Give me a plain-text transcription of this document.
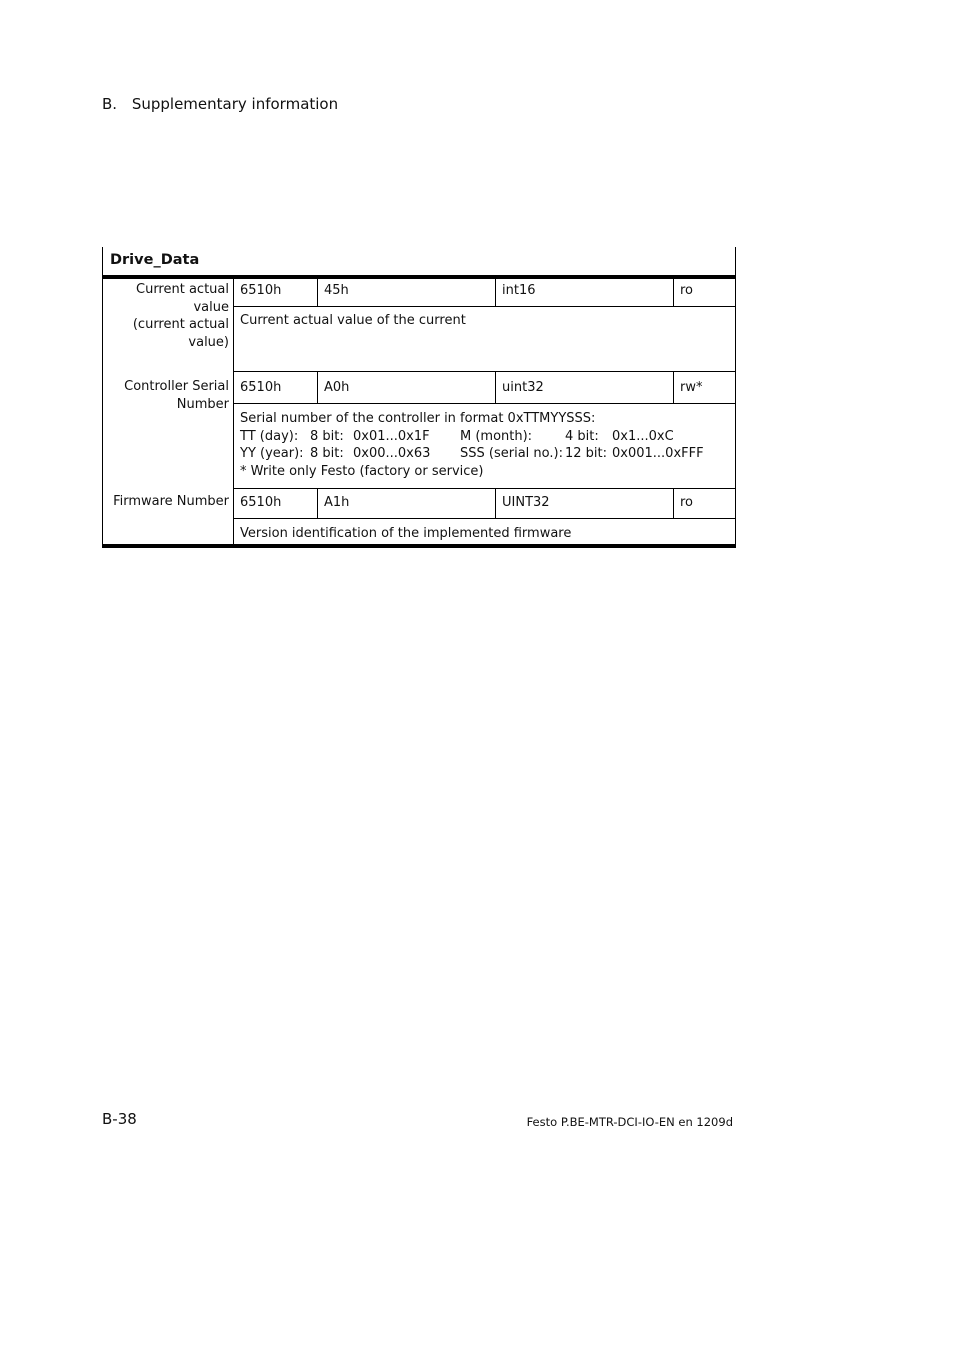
B. Supplementary information
Drive_Data
Current actual
value
(current actual
value)
6510h	45h	int16	ro
Current actual value of the current
Controller Serial
Number
6510h	A0h	uint32	rw*
Serial number of the controller in format 0xTTMYYSSS:
TT (day): 8 bit: 0x01...0x1F M (month):	4 bit: 0x1...0xC
YY (year): 8 bit: 0x00...0x63 SSS (serial no.): 12 bit: 0x001...0xFFF
* Write only Festo (factory or service)
Firmware Number 6510h	A1h	UINT32	ro
Version identification of the implemented firmware
B-38	Festo P.BE-MTR-DCI-IO-EN en 1209d
